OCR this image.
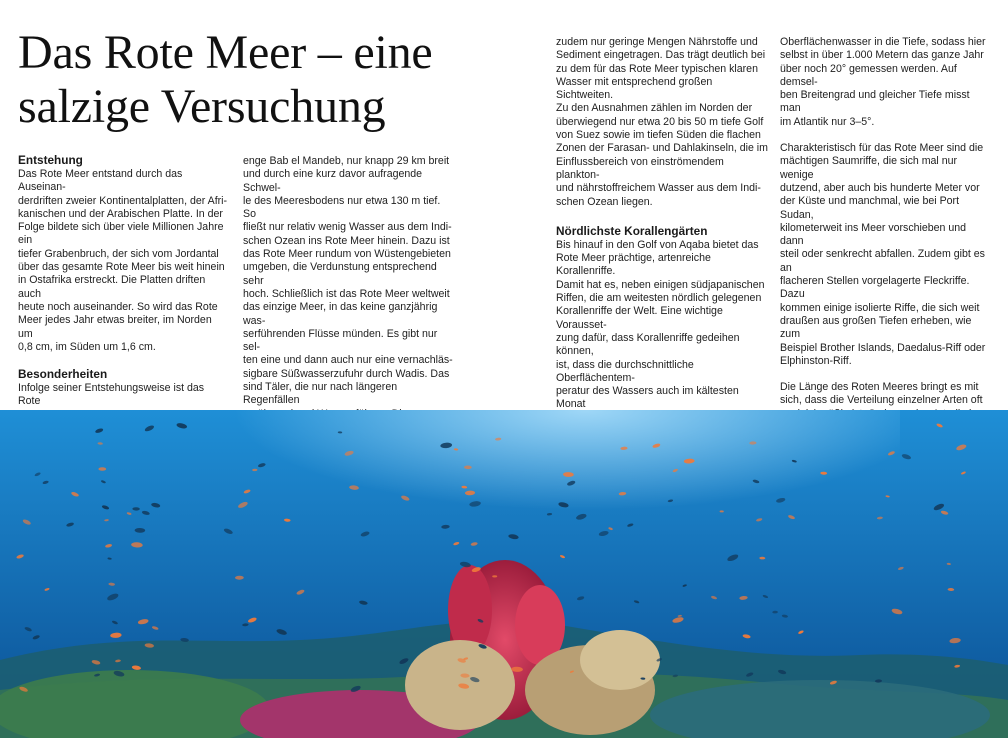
Das Rote Meer – eine salzige Versuchung
Entstehung

Das Rote Meer entstand durch das Auseinan-
derdriften zweier Kontinentalplatten, der Afri-
kanischen und der Arabischen Platte. In der
Folge bildete sich über viele Millionen Jahre ein
tiefer Grabenbruch, der sich vom Jordantal
über das gesamte Rote Meer bis weit hinein
in Ostafrika erstreckt. Die Platten driften auch
heute noch auseinander. So wird das Rote
Meer jedes Jahr etwas breiter, im Norden um
0,8 cm, im Süden um 1,6 cm.

Besonderheiten

Infolge seiner Entstehungsweise ist das Rote

enge Bab el Mandeb, nur knapp 29 km breit
und durch eine kurz davor aufragende Schwel-
le des Meeresbodens nur etwa 130 m tief. So
fließt nur relativ wenig Wasser aus dem Indi-
schen Ozean ins Rote Meer hinein. Dazu ist
das Rote Meer rundum von Wüstengebieten
umgeben, die Verdunstung entsprechend sehr
hoch. Schließlich ist das Rote Meer weltweit
das einzige Meer, in das keine ganzjährig was-
serführenden Flüsse münden. Es gibt nur sel-
ten eine und dann auch nur eine vernachläs-
sigbare Süßwasserzufuhr durch Wadis. Das
sind Täler, die nur nach längeren Regenfällen

zudem nur geringe Mengen Nährstoffe und
Sediment eingetragen. Das trägt deutlich bei
zu dem für das Rote Meer typischen klaren
Wasser mit entsprechend großen Sichtweiten.
Zu den Ausnahmen zählen im Norden der
überwiegend nur etwa 20 bis 50 m tiefe Golf
von Suez sowie im tiefen Süden die flachen
Zonen der Farasan- und Dahlakinseln, die im
Einflussbereich von einströmendem plankton-
und nährstoffreichem Wasser aus dem Indi-
schen Ozean liegen.

Nördlichste Korallengärten

Bis hinauf in den Golf von Aqaba bietet das
Rote Meer prächtige, artenreiche Korallenriffe.
Damit hat es, neben einigen südjapanischen
Riffen, die am weitesten nördlich gelegenen
Korallenriffe der Welt. Eine wichtige Vorausset-
zung dafür, dass Korallenriffe gedeihen können,
ist, dass die durchschnittliche Oberflächentem-
peratur des Wassers auch im kältesten Monat

Oberflächenwasser in die Tiefe, sodass hier
selbst in über 1.000 Metern das ganze Jahr
über noch 20° gemessen werden. Auf demsel-
ben Breitengrad und gleicher Tiefe misst man
im Atlantik nur 3–5°.

Charakteristisch für das Rote Meer sind die
mächtigen Saumriffe, die sich mal nur wenige
dutzend, aber auch bis hunderte Meter vor
der Küste und manchmal, wie bei Port Sudan,
kilometerweit ins Meer vorschieben und dann
steil oder senkrecht abfallen. Zudem gibt es an
flacheren Stellen vorgelagerte Fleckriffe. Dazu
kommen einige isolierte Riffe, die sich weit
draußen aus großen Tiefen erheben, wie zum
Beispiel Brother Islands, Daedalus-Riff oder
Elphinston-Riff.

Die Länge des Roten Meeres bringt es mit
sich, dass die Verteilung einzelner Arten oft
